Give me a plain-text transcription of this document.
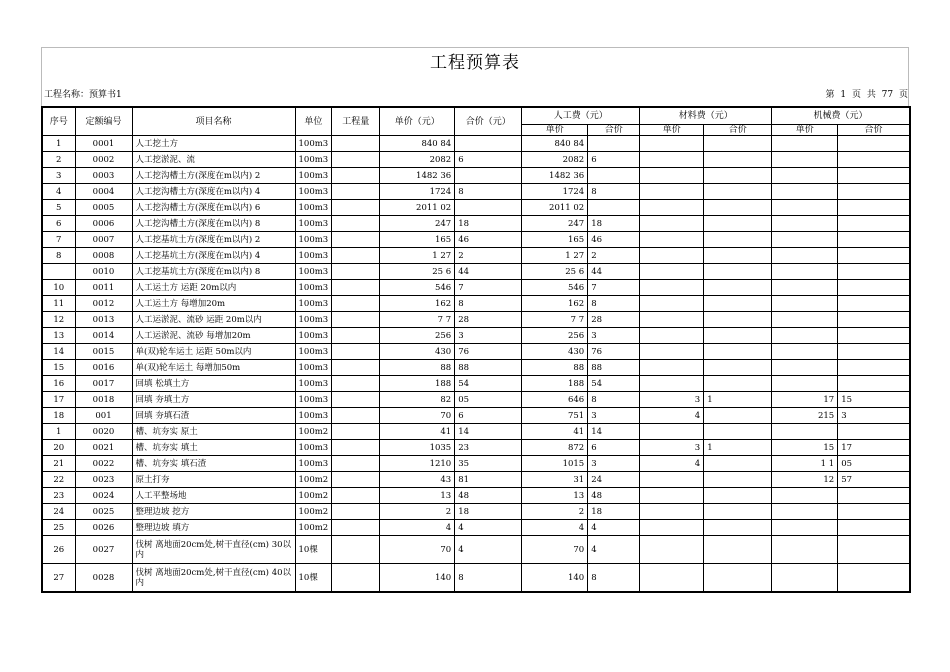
工程预算表
工程名称：预算书1	第 1 页 共 77 页
序号	定额编号	项目名称	单位	工程量	单价（元）	合价（元）	人工费（元）		材料费（元）		机械费（元）	
							单价	合价	单价	合价	单价	合价
1	0001	人工挖土方	100m3		840 84		840 84					
2	0002	人工挖淤泥、流	100m3		2082	6	2082	6				
3	0003	人工挖沟槽土方(深度在m以内) 2	100m3		1482 36		1482 36					
4	0004	人工挖沟槽土方(深度在m以内) 4	100m3		1724	8	1724	8				
5	0005	人工挖沟槽土方(深度在m以内) 6	100m3		2011 02		2011 02					
6	0006	人工挖沟槽土方(深度在m以内) 8	100m3		247	18	247	18				
7	0007	人工挖基坑土方(深度在m以内) 2	100m3		165	46	165	46				
8	0008	人工挖基坑土方(深度在m以内) 4	100m3		1 27	2	1 27	2				
	0010	人工挖基坑土方(深度在m以内) 8	100m3		25 6	44	25 6	44				
10	0011	人工运土方 运距 20m以内	100m3		546	7	546	7				
11	0012	人工运土方 每增加20m	100m3		162	8	162	8				
12	0013	人工运淤泥、流砂 运距 20m以内	100m3		7 7	28	7 7	28				
13	0014	人工运淤泥、流砂 每增加20m	100m3		256	3	256	3				
14	0015	单(双)轮车运土 运距 50m以内	100m3		430	76	430	76				
15	0016	单(双)轮车运土 每增加50m	100m3		88	88	88	88				
16	0017	回填 松填土方	100m3		188	54	188	54				
17	0018	回填 夯填土方	100m3		82	05	646	8	3	1	17	15
18	001	回填 夯填石渣	100m3		70	6	751	3	4		215	3
1	0020	槽、坑夯实 原土	100m2		41	14	41	14				
20	0021	槽、坑夯实 填土	100m3		1035	23	872	6	3	1	15	17
21	0022	槽、坑夯实 填石渣	100m3		1210	35	1015	3	4		1 1	05
22	0023	原土打夯	100m2		43	81	31	24			12	57
23	0024	人工平整场地	100m2		13	48	13	48				
24	0025	整理边坡 挖方	100m2		2	18	2	18				
25	0026	整理边坡 填方	100m2		4	4	4	4				
26	0027	伐树 离地面20cm处,树干直径(cm) 30以内	10棵		70	4	70	4				
27	0028	伐树 离地面20cm处,树干直径(cm) 40以内	10棵		140	8	140	8				
